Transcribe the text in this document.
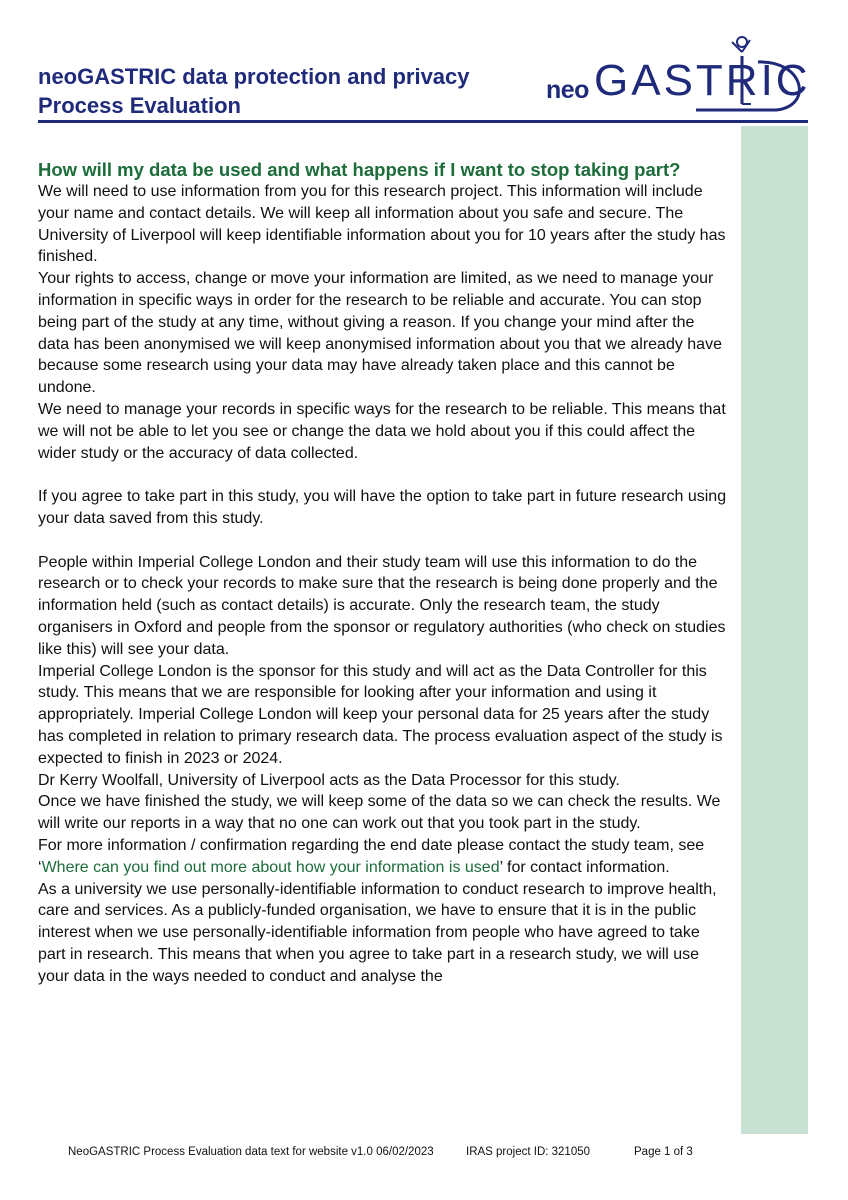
neoGASTRIC data protection and privacy
Process Evaluation
neo GASTRIC
How will my data be used and what happens if I want to stop taking part?

We will need to use information from you for this research project. This information will include your name and contact details. We will keep all information about you safe and secure. The University of Liverpool will keep identifiable information about you for 10 years after the study has finished.

Your rights to access, change or move your information are limited, as we need to manage your information in specific ways in order for the research to be reliable and accurate. You can stop being part of the study at any time, without giving a reason. If you change your mind after the data has been anonymised we will keep anonymised information about you that we already have because some research using your data may have already taken place and this cannot be undone.

We need to manage your records in specific ways for the research to be reliable. This means that we will not be able to let you see or change the data we hold about you if this could affect the wider study or the accuracy of data collected.

If you agree to take part in this study, you will have the option to take part in future research using your data saved from this study.

People within Imperial College London and their study team will use this information to do the research or to check your records to make sure that the research is being done properly and the information held (such as contact details) is accurate. Only the research team, the study organisers in Oxford and people from the sponsor or regulatory authorities (who check on studies like this) will see your data.

Imperial College London is the sponsor for this study and will act as the Data Controller for this study. This means that we are responsible for looking after your information and using it appropriately. Imperial College London will keep your personal data for 25 years after the study has completed in relation to primary research data. The process evaluation aspect of the study is expected to finish in 2023 or 2024.

Dr Kerry Woolfall, University of Liverpool acts as the Data Processor for this study.

Once we have finished the study, we will keep some of the data so we can check the results. We will write our reports in a way that no one can work out that you took part in the study.

For more information / confirmation regarding the end date please contact the study team, see ‘Where can you find out more about how your information is used’ for contact information.

As a university we use personally-identifiable information to conduct research to improve health, care and services. As a publicly-funded organisation, we have to ensure that it is in the public interest when we use personally-identifiable information from people who have agreed to take part in research. This means that when you agree to take part in a research study, we will use your data in the ways needed to conduct and analyse the

NeoGASTRIC Process Evaluation data text for website v1.0 06/02/2023	IRAS project ID: 321050	Page 1 of 3
